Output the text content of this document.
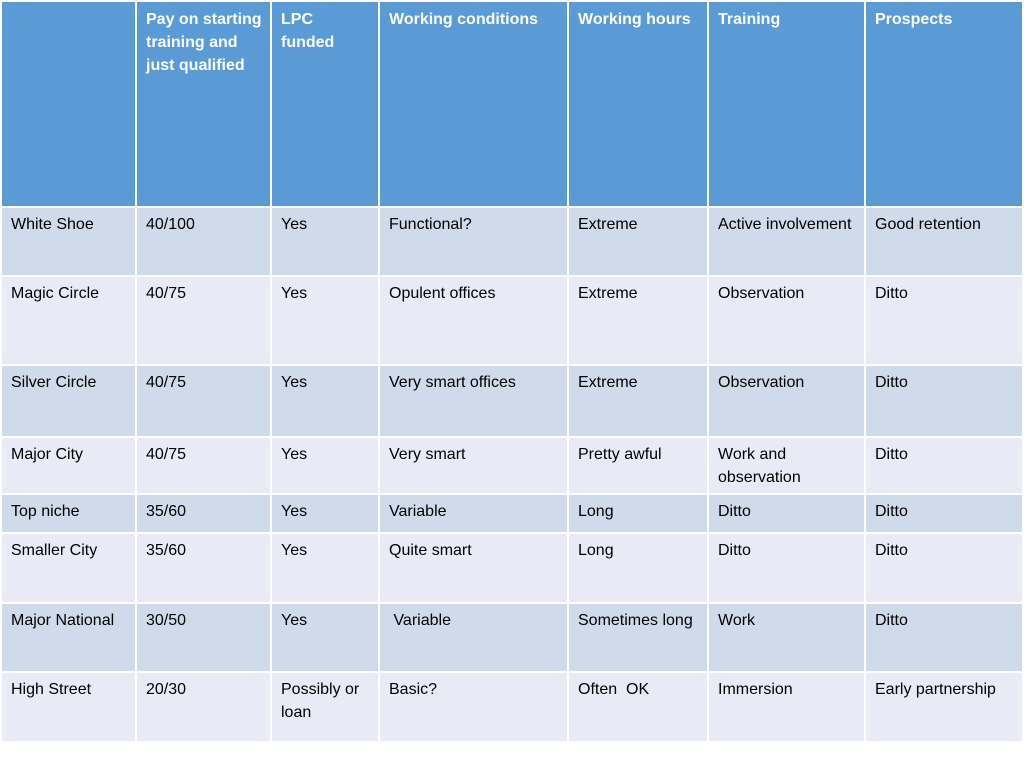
	Pay on starting training and just qualified	LPC funded	Working conditions	Working hours	Training	Prospects
White Shoe	40/100	Yes	Functional?	Extreme	Active involvement	Good retention
Magic Circle	40/75	Yes	Opulent offices	Extreme	Observation	Ditto
Silver Circle	40/75	Yes	Very smart offices	Extreme	Observation	Ditto
Major City	40/75	Yes	Very smart	Pretty awful	Work and observation	Ditto
Top niche	35/60	Yes	Variable	Long	Ditto	Ditto
Smaller City	35/60	Yes	Quite smart	Long	Ditto	Ditto
Major National	30/50	Yes	Variable	Sometimes long	Work	Ditto
High Street	20/30	Possibly or loan	Basic?	Often  OK	Immersion	Early partnership
